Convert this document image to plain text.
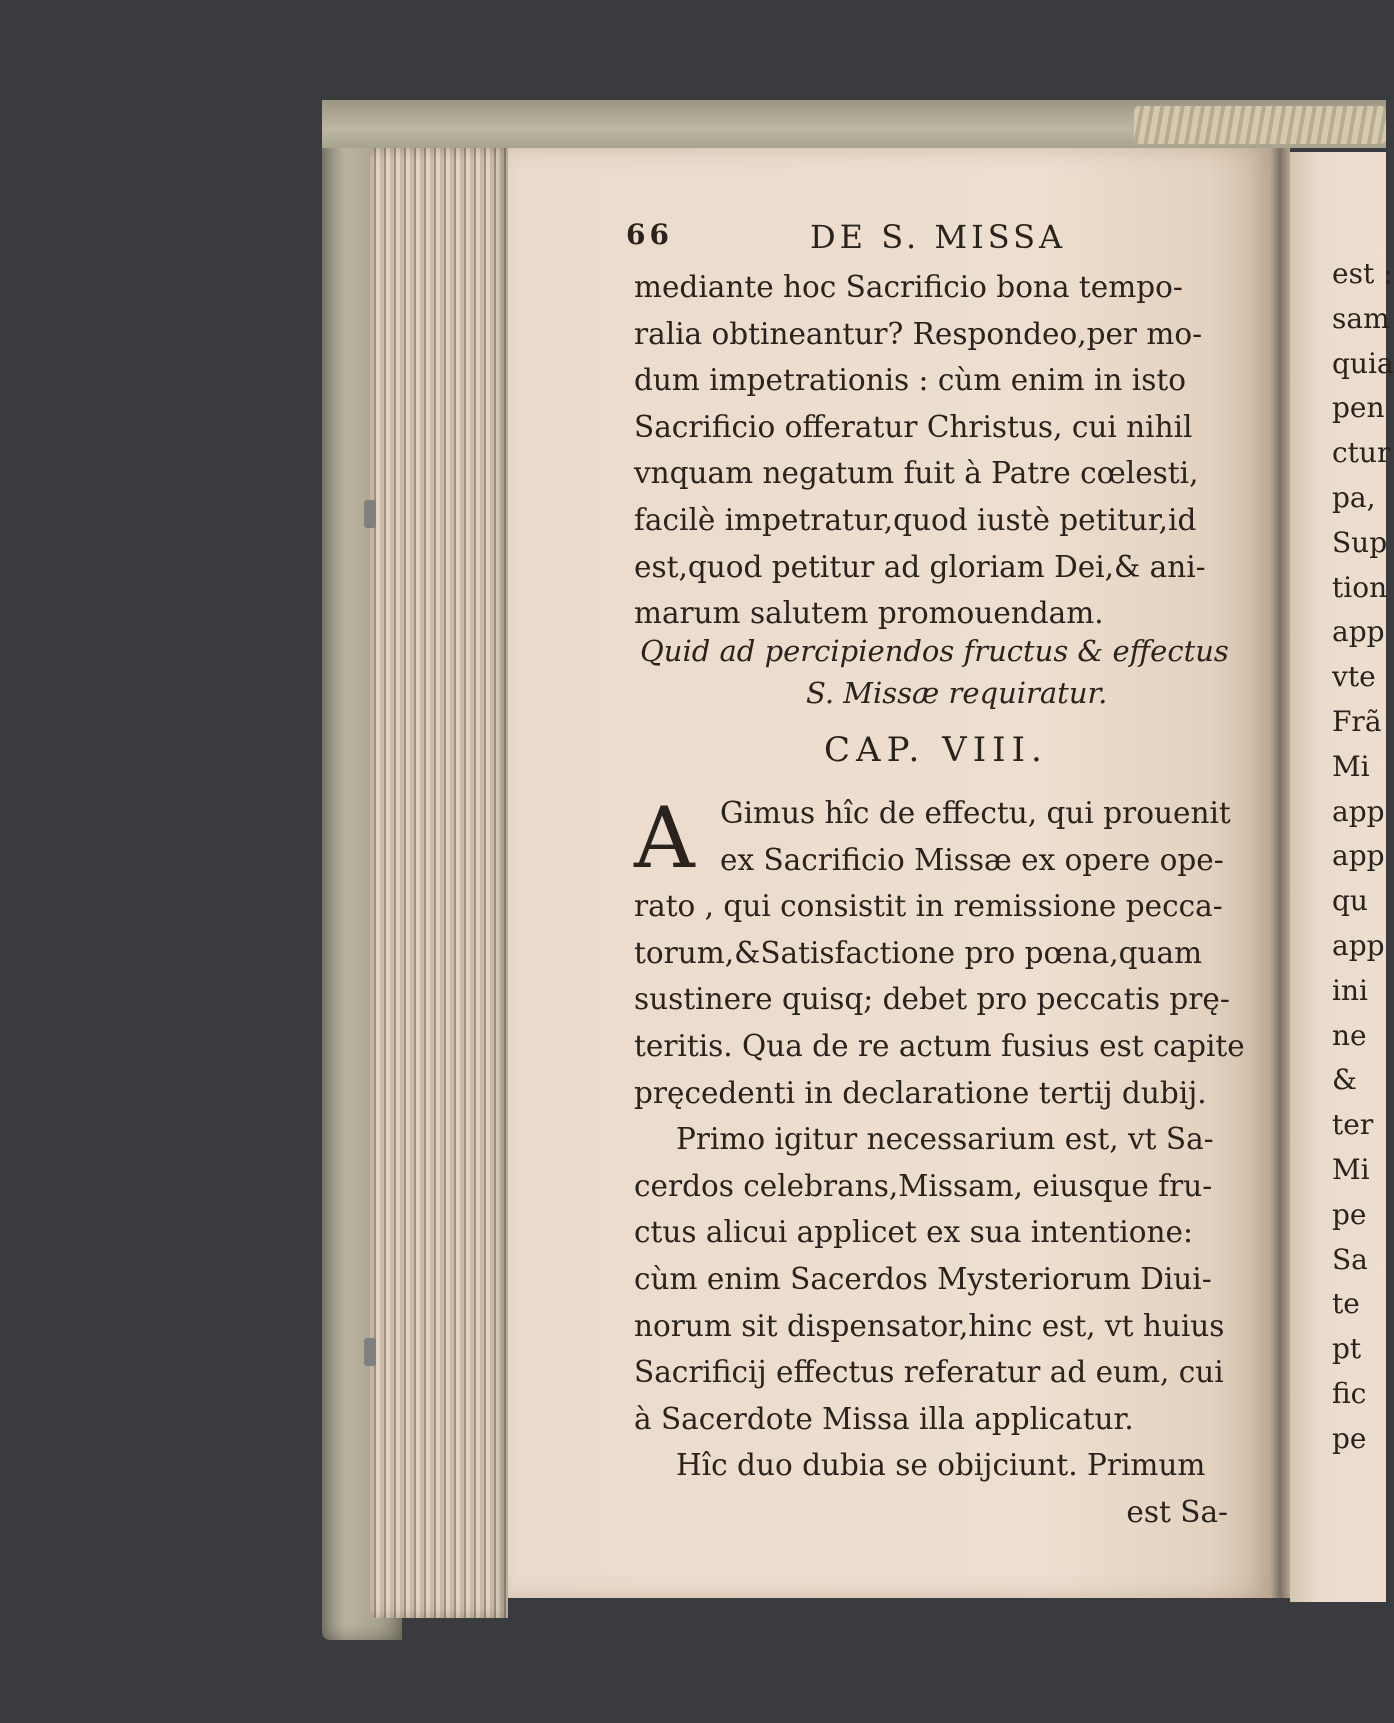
66	DE S. MISSA
mediante hoc Sacrificio bona tempo-
ralia obtineantur? Respondeo,per mo-
dum impetrationis : cùm enim in isto
Sacrificio offeratur Christus, cui nihil
vnquam negatum fuit à Patre cœlesti,
facilè impetratur,quod iustè petitur,id
est,quod petitur ad gloriam Dei,& ani-
marum salutem promouendam.
Quid ad percipiendos fructus & effectus
S. Missæ requiratur.
CAP. VIII.
A Gimus hîc de effectu, qui prouenit
ex Sacrificio Missæ ex opere ope-
rato , qui consistit in remissione pecca-
torum,&Satisfactione pro pœna,quam
sustinere quisq; debet pro peccatis prę-
teritis. Qua de re actum fusius est capite
pręcedenti in declaratione tertij dubij.
Primo igitur necessarium est, vt Sa-
cerdos celebrans,Missam, eiusque fru-
ctus alicui applicet ex sua intentione:
cùm enim Sacerdos Mysteriorum Diui-
norum sit dispensator,hinc est, vt huius
Sacrificij effectus referatur ad eum, cui
à Sacerdote Missa illa applicatur.
Hîc duo dubia se obijciunt. Primum
est Sa-
est :
sam
quia
pen
ctur
pa,
Sup
tion
app
vte
Frã
Mi
app
app
qu
app
ini
ne
&
ter
Mi
pe
Sa
te
pt
fic
pe
